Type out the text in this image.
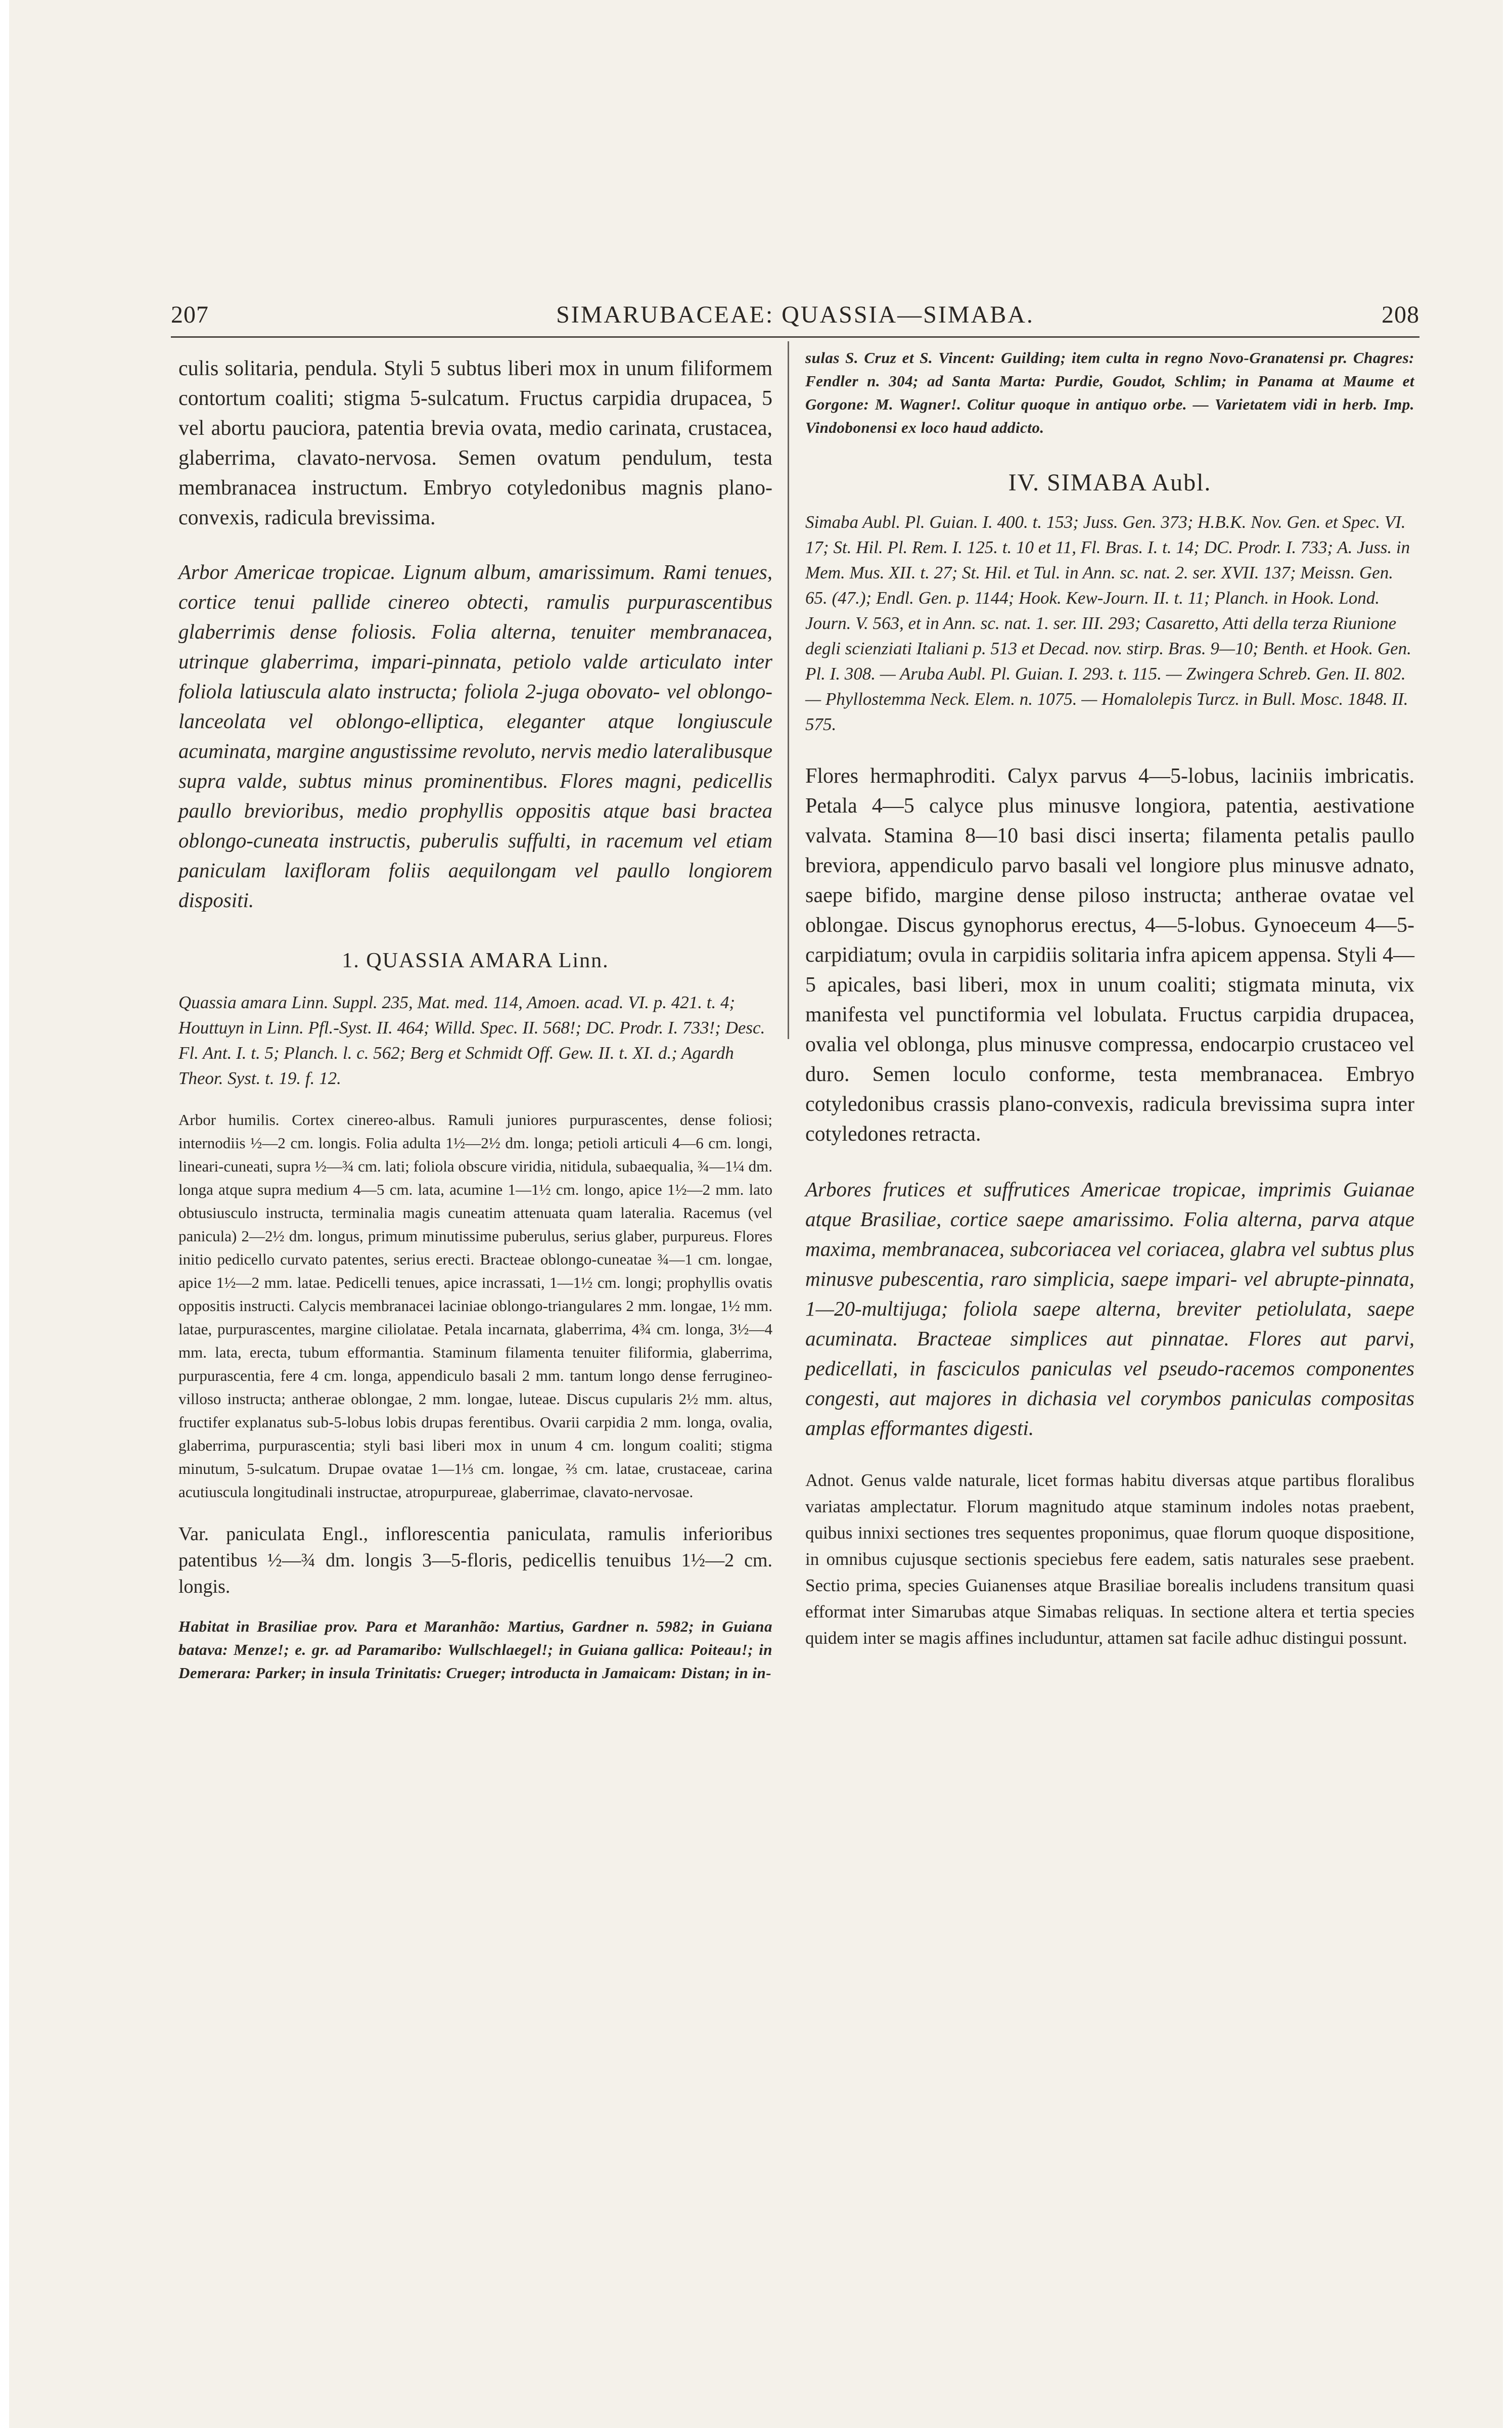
207	SIMARUBACEAE: QUASSIA—SIMABA.	208

culis solitaria, pendula. Styli 5 subtus liberi mox in unum filiformem contortum coaliti; stigma 5-sulcatum. Fructus carpidia drupacea, 5 vel abortu pauciora, patentia brevia ovata, medio carinata, crustacea, glaberrima, clavato-nervosa. Semen ovatum pendulum, testa membranacea instructum. Embryo cotyledonibus magnis plano-convexis, radicula brevissima.

Arbor Americae tropicae. Lignum album, amarissimum. Rami tenues, cortice tenui pallide cinereo obtecti, ramulis purpurascentibus glaberrimis dense foliosis. Folia alterna, tenuiter membranacea, utrinque glaberrima, impari-pinnata, petiolo valde articulato inter foliola latiuscula alato instructa; foliola 2-juga obovato- vel oblongo-lanceolata vel oblongo-elliptica, eleganter atque longiuscule acuminata, margine angustissime revoluto, nervis medio lateralibusque supra valde, subtus minus prominentibus. Flores magni, pedicellis paullo brevioribus, medio prophyllis oppositis atque basi bractea oblongo-cuneata instructis, puberulis suffulti, in racemum vel etiam paniculam laxifloram foliis aequilongam vel paullo longiorem dispositi.

1. QUASSIA AMARA Linn.

Quassia amara Linn. Suppl. 235, Mat. med. 114, Amoen. acad. VI. p. 421. t. 4; Houttuyn in Linn. Pfl.-Syst. II. 464; Willd. Spec. II. 568!; DC. Prodr. I. 733!; Desc. Fl. Ant. I. t. 5; Planch. l. c. 562; Berg et Schmidt Off. Gew. II. t. XI. d.; Agardh Theor. Syst. t. 19. f. 12.

Arbor humilis. Cortex cinereo-albus. Ramuli juniores purpurascentes, dense foliosi; internodiis ½—2 cm. longis. Folia adulta 1½—2½ dm. longa; petioli articuli 4—6 cm. longi, lineari-cuneati, supra ½—¾ cm. lati; foliola obscure viridia, nitidula, subaequalia, ¾—1¼ dm. longa atque supra medium 4—5 cm. lata, acumine 1—1½ cm. longo, apice 1½—2 mm. lato obtusiusculo instructa, terminalia magis cuneatim attenuata quam lateralia. Racemus (vel panicula) 2—2½ dm. longus, primum minutissime puberulus, serius glaber, purpureus. Flores initio pedicello curvato patentes, serius erecti. Bracteae oblongo-cuneatae ¾—1 cm. longae, apice 1½—2 mm. latae. Pedicelli tenues, apice incrassati, 1—1½ cm. longi; prophyllis ovatis oppositis instructi. Calycis membranacei laciniae oblongo-triangulares 2 mm. longae, 1½ mm. latae, purpurascentes, margine ciliolatae. Petala incarnata, glaberrima, 4¾ cm. longa, 3½—4 mm. lata, erecta, tubum efformantia. Staminum filamenta tenuiter filiformia, glaberrima, purpurascentia, fere 4 cm. longa, appendiculo basali 2 mm. tantum longo dense ferrugineo-villoso instructa; antherae oblongae, 2 mm. longae, luteae. Discus cupularis 2½ mm. altus, fructifer explanatus sub-5-lobus lobis drupas ferentibus. Ovarii carpidia 2 mm. longa, ovalia, glaberrima, purpurascentia; styli basi liberi mox in unum 4 cm. longum coaliti; stigma minutum, 5-sulcatum. Drupae ovatae 1—1⅓ cm. longae, ⅔ cm. latae, crustaceae, carina acutiuscula longitudinali instructae, atropurpureae, glaberrimae, clavato-nervosae.

Var. paniculata Engl., inflorescentia paniculata, ramulis inferioribus patentibus ½—¾ dm. longis 3—5-floris, pedicellis tenuibus 1½—2 cm. longis.

Habitat in Brasiliae prov. Para et Maranhão: Martius, Gardner n. 5982; in Guiana batava: Menze!; e. gr. ad Paramaribo: Wullschlaegel!; in Guiana gallica: Poiteau!; in Demerara: Parker; in insula Trinitatis: Crueger; introducta in Jamaicam: Distan; in in-

sulas S. Cruz et S. Vincent: Guilding; item culta in regno Novo-Granatensi pr. Chagres: Fendler n. 304; ad Santa Marta: Purdie, Goudot, Schlim; in Panama at Maume et Gorgone: M. Wagner!. Colitur quoque in antiquo orbe. — Varietatem vidi in herb. Imp. Vindobonensi ex loco haud addicto.

IV. SIMABA Aubl.

Simaba Aubl. Pl. Guian. I. 400. t. 153; Juss. Gen. 373; H.B.K. Nov. Gen. et Spec. VI. 17; St. Hil. Pl. Rem. I. 125. t. 10 et 11, Fl. Bras. I. t. 14; DC. Prodr. I. 733; A. Juss. in Mem. Mus. XII. t. 27; St. Hil. et Tul. in Ann. sc. nat. 2. ser. XVII. 137; Meissn. Gen. 65. (47.); Endl. Gen. p. 1144; Hook. Kew-Journ. II. t. 11; Planch. in Hook. Lond. Journ. V. 563, et in Ann. sc. nat. 1. ser. III. 293; Casaretto, Atti della terza Riunione degli scienziati Italiani p. 513 et Decad. nov. stirp. Bras. 9—10; Benth. et Hook. Gen. Pl. I. 308. — Aruba Aubl. Pl. Guian. I. 293. t. 115. — Zwingera Schreb. Gen. II. 802. — Phyllostemma Neck. Elem. n. 1075. — Homalolepis Turcz. in Bull. Mosc. 1848. II. 575.

Flores hermaphroditi. Calyx parvus 4—5-lobus, laciniis imbricatis. Petala 4—5 calyce plus minusve longiora, patentia, aestivatione valvata. Stamina 8—10 basi disci inserta; filamenta petalis paullo breviora, appendiculo parvo basali vel longiore plus minusve adnato, saepe bifido, margine dense piloso instructa; antherae ovatae vel oblongae. Discus gynophorus erectus, 4—5-lobus. Gynoeceum 4—5-carpidiatum; ovula in carpidiis solitaria infra apicem appensa. Styli 4—5 apicales, basi liberi, mox in unum coaliti; stigmata minuta, vix manifesta vel punctiformia vel lobulata. Fructus carpidia drupacea, ovalia vel oblonga, plus minusve compressa, endocarpio crustaceo vel duro. Semen loculo conforme, testa membranacea. Embryo cotyledonibus crassis plano-convexis, radicula brevissima supra inter cotyledones retracta.

Arbores frutices et suffrutices Americae tropicae, imprimis Guianae atque Brasiliae, cortice saepe amarissimo. Folia alterna, parva atque maxima, membranacea, subcoriacea vel coriacea, glabra vel subtus plus minusve pubescentia, raro simplicia, saepe impari- vel abrupte-pinnata, 1—20-multijuga; foliola saepe alterna, breviter petiolulata, saepe acuminata. Bracteae simplices aut pinnatae. Flores aut parvi, pedicellati, in fasciculos paniculas vel pseudo-racemos componentes congesti, aut majores in dichasia vel corymbos paniculas compositas amplas efformantes digesti.

Adnot. Genus valde naturale, licet formas habitu diversas atque partibus floralibus variatas amplectatur. Florum magnitudo atque staminum indoles notas praebent, quibus innixi sectiones tres sequentes proponimus, quae florum quoque dispositione, in omnibus cujusque sectionis speciebus fere eadem, satis naturales sese praebent. Sectio prima, species Guianenses atque Brasiliae borealis includens transitum quasi efformat inter Simarubas atque Simabas reliquas. In sectione altera et tertia species quidem inter se magis affines includuntur, attamen sat facile adhuc distingui possunt.
